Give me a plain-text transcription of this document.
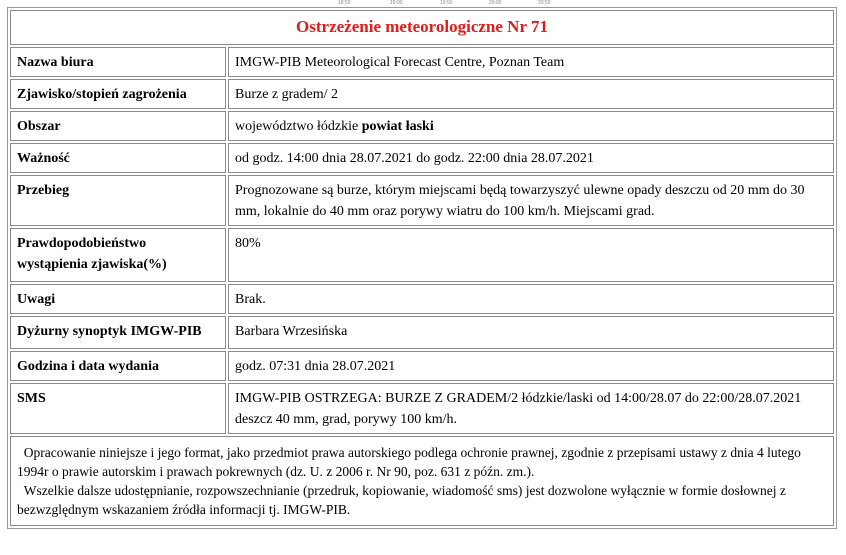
18:50	19:00	19:50	20:00	20:50
Ostrzeżenie meteorologiczne Nr 71	
Nazwa biura	IMGW-PIB Meteorological Forecast Centre, Poznan Team
Zjawisko/stopień zagrożenia	Burze z gradem/ 2
Obszar	województwo łódzkie powiat łaski
Ważność	od godz. 14:00 dnia 28.07.2021 do godz. 22:00 dnia 28.07.2021
Przebieg	Prognozowane są burze, którym miejscami będą towarzyszyć ulewne opady deszczu od 20 mm do 30 mm, lokalnie do 40 mm oraz porywy wiatru do 100 km/h. Miejscami grad.
Prawdopodobieństwo wystąpienia zjawiska(%)	80%
Uwagi	Brak.
Dyżurny synoptyk IMGW-PIB	Barbara Wrzesińska
Godzina i data wydania	godz. 07:31 dnia 28.07.2021
SMS	IMGW-PIB OSTRZEGA: BURZE Z GRADEM/2 łódzkie/laski od 14:00/28.07 do 22:00/28.07.2021 deszcz 40 mm, grad, porywy 100 km/h.

Opracowanie niniejsze i jego format, jako przedmiot prawa autorskiego podlega ochronie prawnej, zgodnie z przepisami ustawy z dnia 4 lutego 1994r o prawie autorskim i prawach pokrewnych (dz. U. z 2006 r. Nr 90, poz. 631 z późn. zm.).
Wszelkie dalsze udostępnianie, rozpowszechnianie (przedruk, kopiowanie, wiadomość sms) jest dozwolone wyłącznie w formie dosłownej z bezwzględnym wskazaniem źródła informacji tj. IMGW-PIB.	
